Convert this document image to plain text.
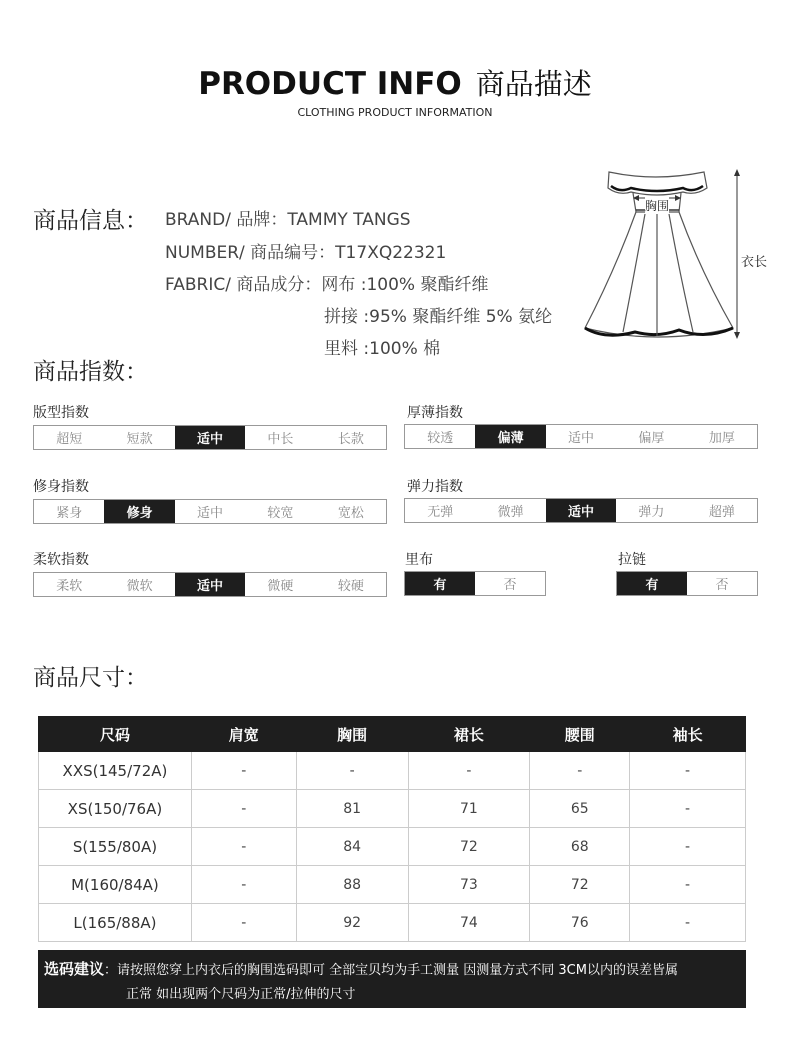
PRODUCT INFO 商品描述
CLOTHING PRODUCT INFORMATION
商品信息： BRAND/ 品牌：TAMMY TANGS
NUMBER/ 商品编号：T17XQ22321
FABRIC/ 商品成分：网布 :100% 聚酯纤维
拼接 :95% 聚酯纤维 5% 氨纶
里料 :100% 棉
胸围
衣长
商品指数：
版型指数
超短	短款	适中	中长	长款
厚薄指数
较透	偏薄	适中	偏厚	加厚
修身指数
紧身	修身	适中	较宽	宽松
弹力指数
无弹	微弹	适中	弹力	超弹
柔软指数
柔软	微软	适中	微硬	较硬
里布
有	否
拉链
有	否
商品尺寸：
尺码	肩宽	胸围	裙长	腰围	袖长
XXS(145/72A)	-	-	-	-	-
XS(150/76A)	-	81	71	65	-
S(155/80A)	-	84	72	68	-
M(160/84A)	-	88	73	72	-
L(165/88A)	-	92	74	76	-
选码建议：请按照您穿上内衣后的胸围选码即可 全部宝贝均为手工测量 因测量方式不同 3CM以内的误差皆属
正常 如出现两个尺码为正常/拉伸的尺寸
